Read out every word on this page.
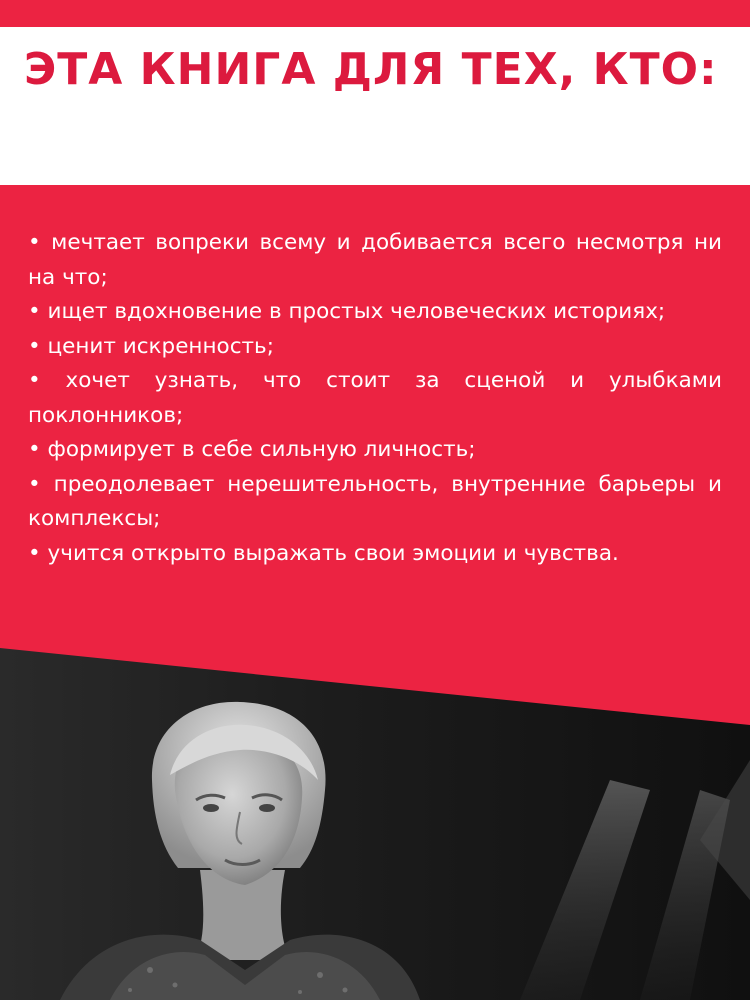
ЭТА КНИГА ДЛЯ ТЕХ, КТО:
• мечтает вопреки всему и добивается всего несмотря ни на что;
• ищет вдохновение в простых человеческих историях;
• ценит искренность;
• хочет узнать, что стоит за сценой и улыбками поклонников;
• формирует в себе сильную личность;
• преодолевает нерешительность, внутренние барьеры и комплексы;
• учится открыто выражать свои эмоции и чувства.
